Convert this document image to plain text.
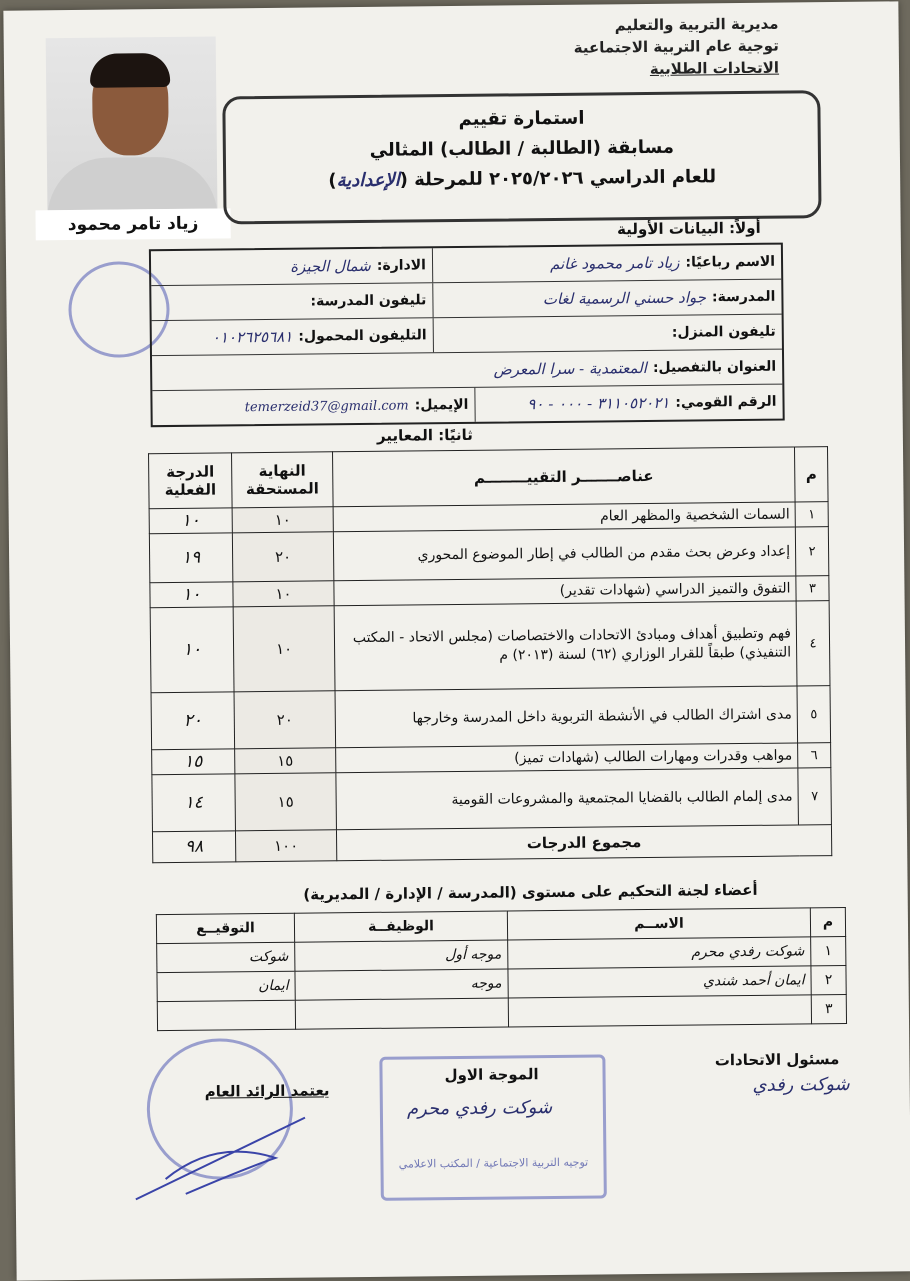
مديرية التربية والتعليم
توجية عام التربية الاجتماعية
الاتحادات الطلابية
زياد تامر محمود
استمارة تقييم
مسابقة (الطالبة / الطالب) المثالي
للعام الدراسي ٢٠٢٥/٢٠٢٦ للمرحلة (الإعدادية)
أولاً: البيانات الأولية
الاسم رباعيًا:
زياد تامر محمود غانم
الادارة:
شمال الجيزة
المدرسة:
جواد حسني الرسمية لغات
تليفون المدرسة:
تليفون المنزل:
التليفون المحمول:
٠١٠٢٦٢٥٦٨١
العنوان بالتفصيل:
المعتمدية - سرا المعرض
الرقم القومي:
٣١١٠٥٢٠٢١ - ٠٠٠ - ٩٠
الإيميل:
temerzeid37@gmail.com
ثانيًا: المعايير
م	عناصـــــــر التقييــــــــم	النهاية المستحقة	الدرجة الفعلية
١	السمات الشخصية والمظهر العام	١٠	١٠
٢	إعداد وعرض بحث مقدم من الطالب في إطار الموضوع المحوري	٢٠	١٩
٣	التفوق والتميز الدراسي (شهادات تقدير)	١٠	١٠
٤	فهم وتطبيق أهداف ومبادئ الاتحادات والاختصاصات (مجلس الاتحاد - المكتب التنفيذي) طبقاً للقرار الوزاري (٦٢) لسنة (٢٠١٣) م	١٠	١٠
٥	مدى اشتراك الطالب في الأنشطة التربوية داخل المدرسة وخارجها	٢٠	٢٠
٦	مواهب وقدرات ومهارات الطالب (شهادات تميز)	١٥	١٥
٧	مدى إلمام الطالب بالقضايا المجتمعية والمشروعات القومية	١٥	١٤
مجموع الدرجات		١٠٠	٩٨
أعضاء لجنة التحكيم على مستوى (المدرسة / الإدارة / المديرية)
م	الاســم	الوظيفــة	التوقيــع
١	شوكت رفدي محرم	موجه أول	شوكت
٢	ايمان أحمد شندي	موجه	ايمان
٣			
مسئول الاتحادات
شوكت رفدي
توجيه التربية الاجتماعية / المكتب الاعلامي
الموجة الاول
شوكت رفدي محرم
يعتمد الرائد العام
